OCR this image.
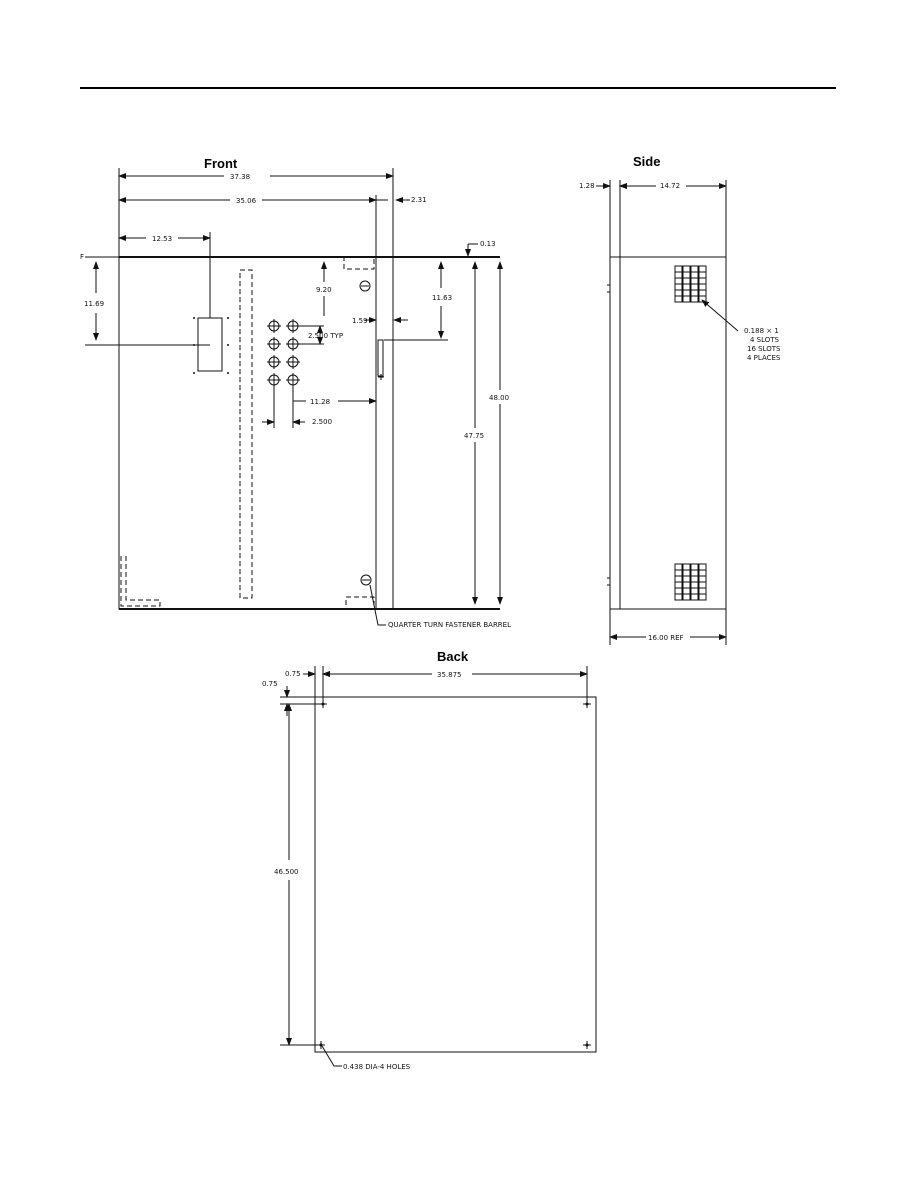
Front
37.38
35.06	2.31
12.53
0.13
F
11.69
9.20
2.500 TYP
11.28
2.500
11.63
1.59
48.00
47.75
QUARTER TURN FASTENER BARREL
Side
1.28	14.72
16.00 REF
0.188 × 1
4 SLOTS
16 SLOTS
4 PLACES
Back
0.75	35.875
0.75
46.500
0.438 DIA-4 HOLES
